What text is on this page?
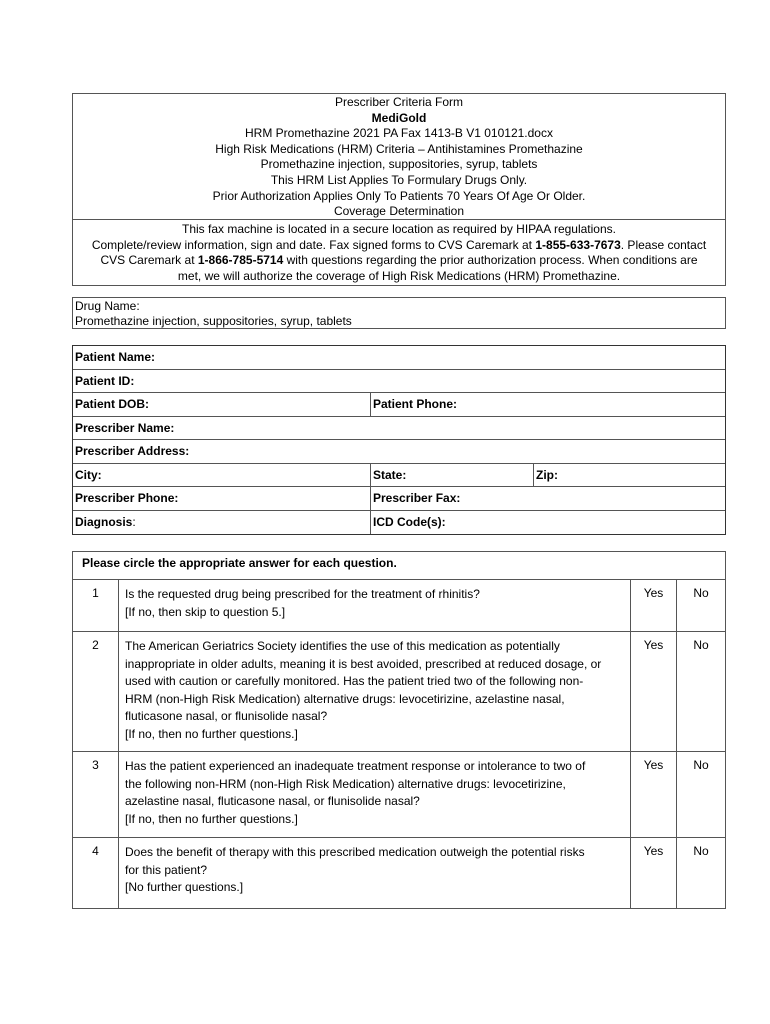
Prescriber Criteria Form
MediGold
HRM Promethazine 2021 PA Fax 1413-B V1 010121.docx
High Risk Medications (HRM) Criteria – Antihistamines Promethazine
Promethazine injection, suppositories, syrup, tablets
This HRM List Applies To Formulary Drugs Only.
Prior Authorization Applies Only To Patients 70 Years Of Age Or Older.
Coverage Determination
This fax machine is located in a secure location as required by HIPAA regulations.
Complete/review information, sign and date. Fax signed forms to CVS Caremark at 1-855-633-7673. Please contact
CVS Caremark at 1-866-785-5714 with questions regarding the prior authorization process. When conditions are
met, we will authorize the coverage of High Risk Medications (HRM) Promethazine.
Drug Name:
Promethazine injection, suppositories, syrup, tablets
Patient Name:
Patient ID:
Patient DOB:	Patient Phone:
Prescriber Name:
Prescriber Address:
City:	State:	Zip:
Prescriber Phone:	Prescriber Fax:
Diagnosis:	ICD Code(s):
Please circle the appropriate answer for each question.
1	Is the requested drug being prescribed for the treatment of rhinitis?
[If no, then skip to question 5.]
Yes	No
2	The American Geriatrics Society identifies the use of this medication as potentially
inappropriate in older adults, meaning it is best avoided, prescribed at reduced dosage, or
used with caution or carefully monitored. Has the patient tried two of the following non-
HRM (non-High Risk Medication) alternative drugs: levocetirizine, azelastine nasal,
fluticasone nasal, or flunisolide nasal?
[If no, then no further questions.]
Yes	No
3	Has the patient experienced an inadequate treatment response or intolerance to two of
the following non-HRM (non-High Risk Medication) alternative drugs: levocetirizine,
azelastine nasal, fluticasone nasal, or flunisolide nasal?
[If no, then no further questions.]
Yes	No
4	Does the benefit of therapy with this prescribed medication outweigh the potential risks
for this patient?
[No further questions.]
Yes	No
